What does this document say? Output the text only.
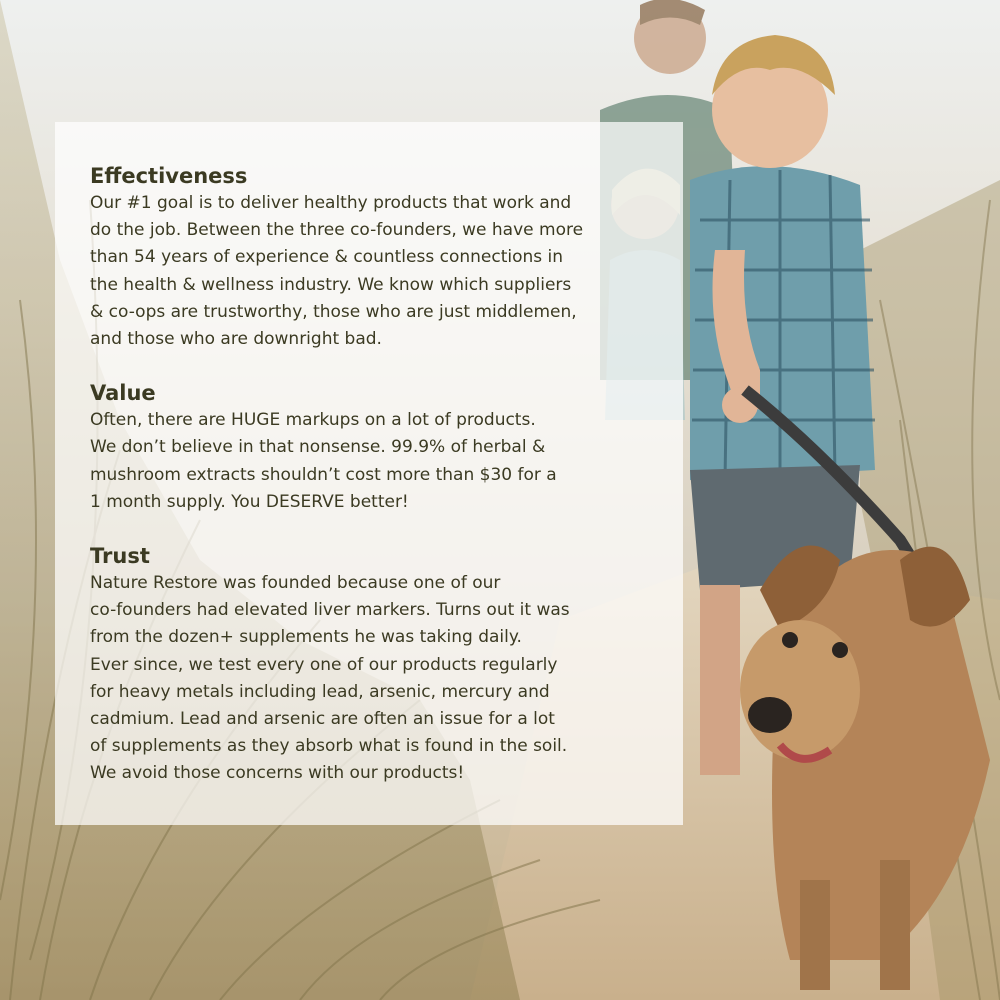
Effectiveness
Our #1 goal is to deliver healthy products that work and
do the job. Between the three co-founders, we have more
than 54 years of experience & countless connections in
the health & wellness industry. We know which suppliers
& co-ops are trustworthy, those who are just middlemen,
and those who are downright bad.
Value
Often, there are HUGE markups on a lot of products.
We don’t believe in that nonsense. 99.9% of herbal &
mushroom extracts shouldn’t cost more than $30 for a
1 month supply. You DESERVE better!
Trust
Nature Restore was founded because one of our
co-founders had elevated liver markers. Turns out it was
from the dozen+ supplements he was taking daily.
Ever since, we test every one of our products regularly
for heavy metals including lead, arsenic, mercury and
cadmium. Lead and arsenic are often an issue for a lot
of supplements as they absorb what is found in the soil.
We avoid those concerns with our products!
